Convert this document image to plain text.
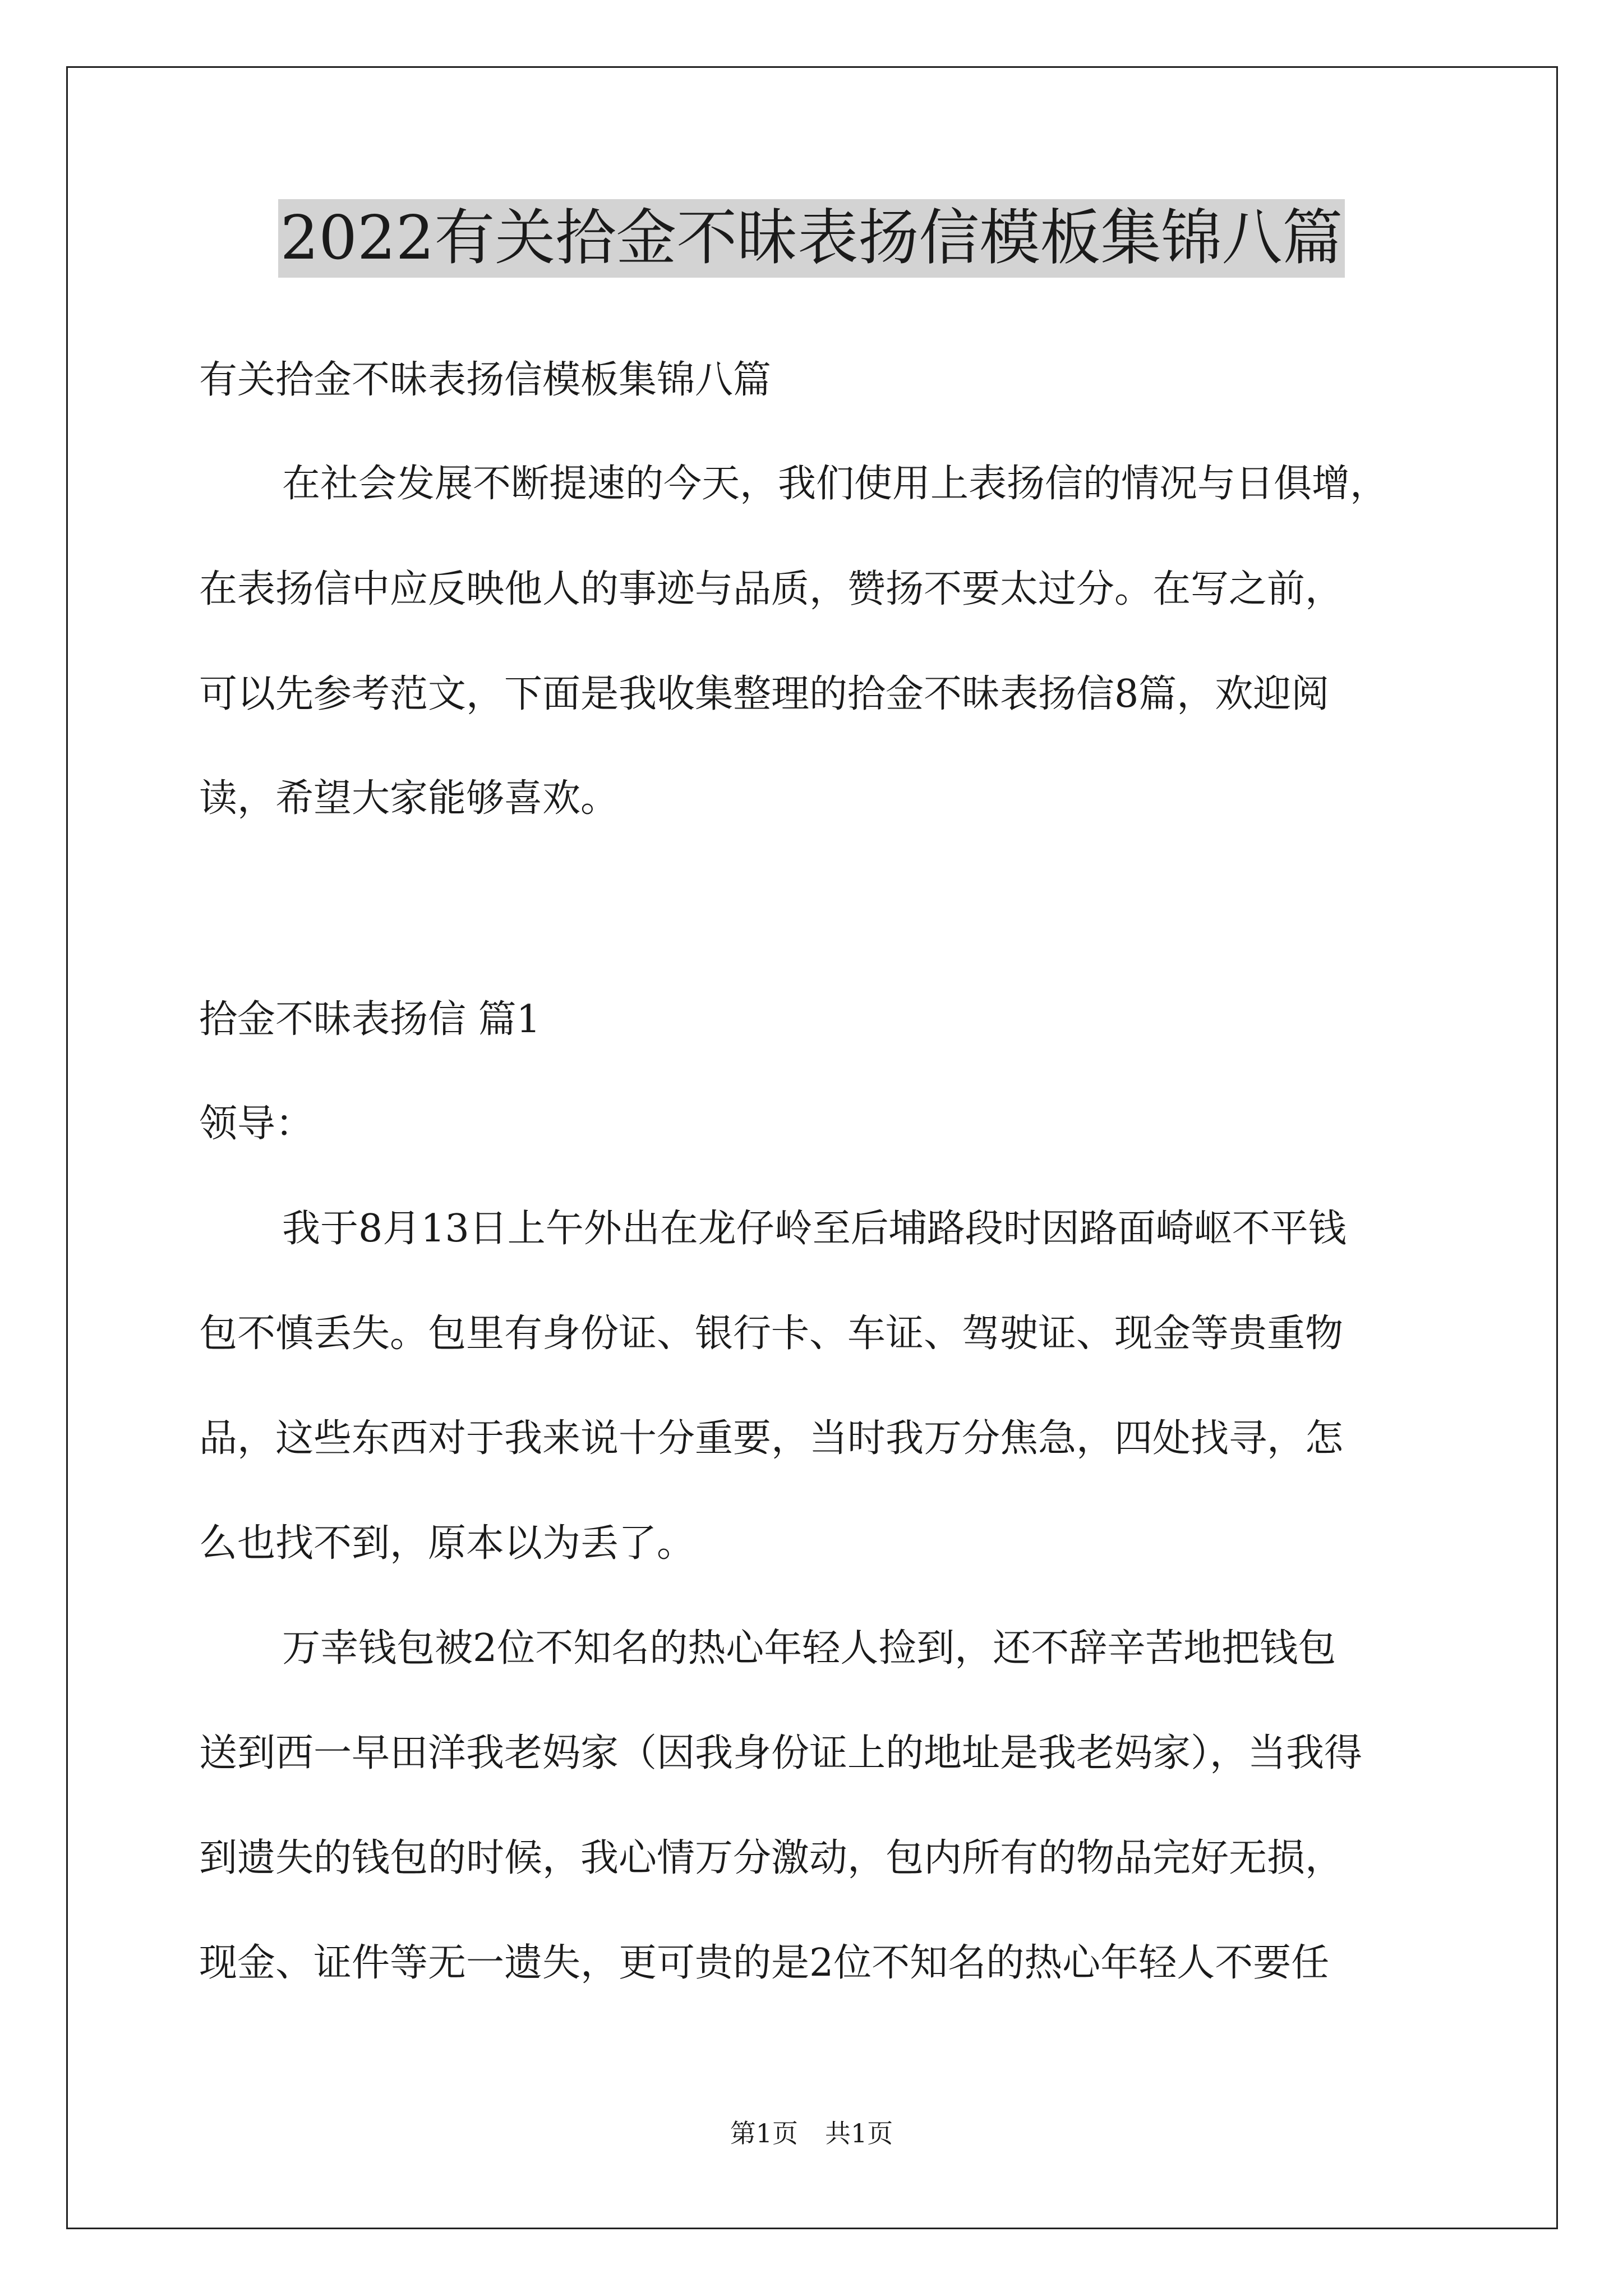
2022有关拾金不昧表扬信模板集锦八篇

有关拾金不昧表扬信模板集锦八篇

在社会发展不断提速的今天，我们使用上表扬信的情况与日俱增，

在表扬信中应反映他人的事迹与品质，赞扬不要太过分。在写之前，

可以先参考范文，下面是我收集整理的拾金不昧表扬信8篇，欢迎阅

读，希望大家能够喜欢。

拾金不昧表扬信 篇1

领导：

我于8月13日上午外出在龙仔岭至后埔路段时因路面崎岖不平钱

包不慎丢失。包里有身份证、银行卡、车证、驾驶证、现金等贵重物

品，这些东西对于我来说十分重要，当时我万分焦急，四处找寻，怎

么也找不到，原本以为丢了。

万幸钱包被2位不知名的热心年轻人捡到，还不辞辛苦地把钱包

送到西一早田洋我老妈家（因我身份证上的地址是我老妈家），当我得

到遗失的钱包的时候，我心情万分激动，包内所有的物品完好无损，

现金、证件等无一遗失，更可贵的是2位不知名的热心年轻人不要任

第1页 共1页
